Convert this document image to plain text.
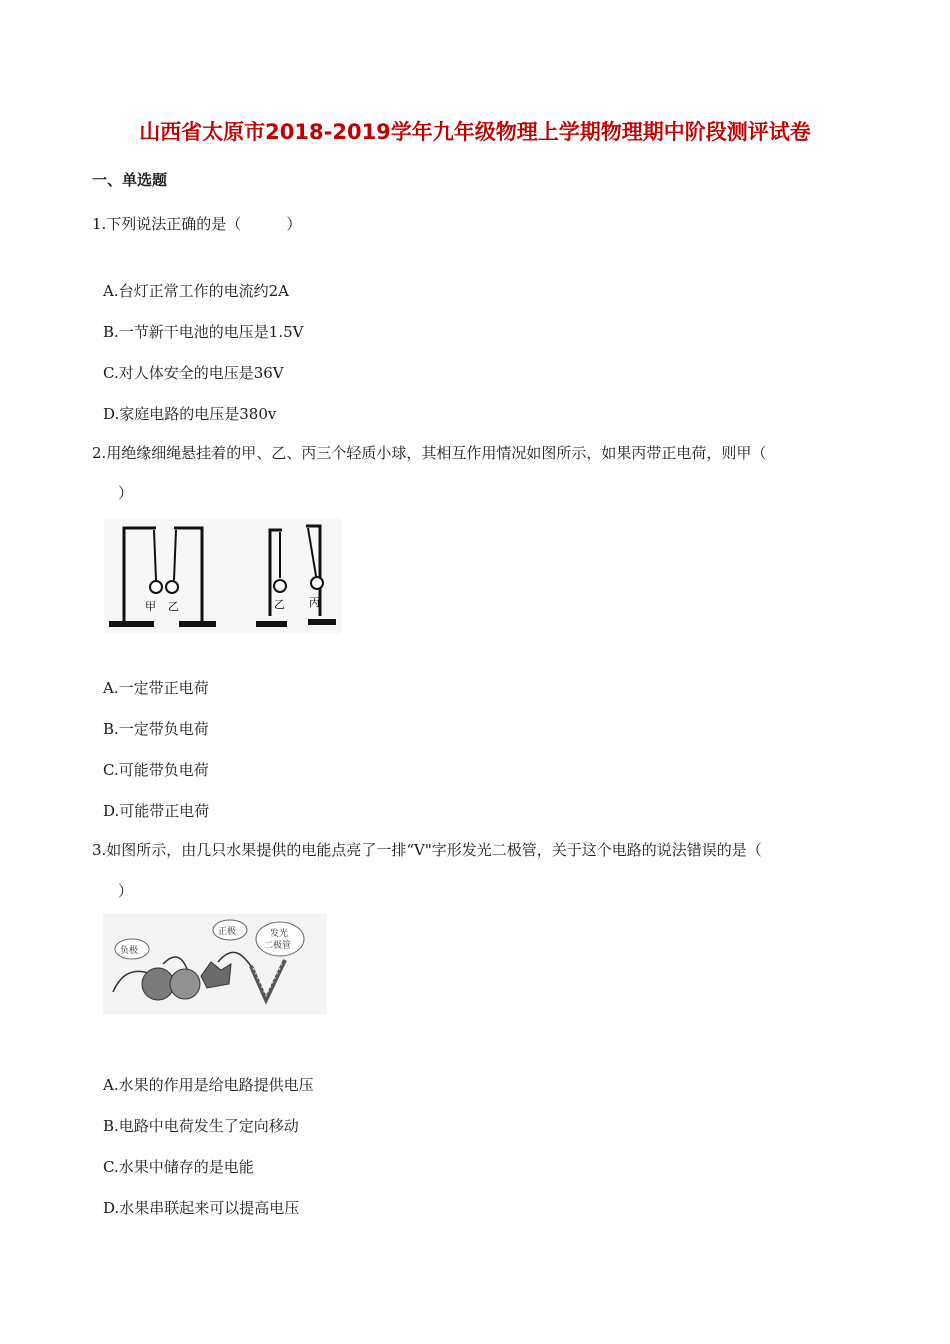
山西省太原市2018-2019学年九年级物理上学期物理期中阶段测评试卷
一、单选题
1.下列说法正确的是（　　　）
A.台灯正常工作的电流约2A
B.一节新干电池的电压是1.5V
C.对人体安全的电压是36V
D.家庭电路的电压是380v
2.用绝缘细绳悬挂着的甲、乙、丙三个轻质小球，其相互作用情况如图所示，如果丙带正电荷，则甲（
）
甲 乙	乙 丙
A.一定带正电荷
B.一定带负电荷
C.可能带负电荷
D.可能带正电荷
3.如图所示，由几只水果提供的电能点亮了一排“V"字形发光二极管，关于这个电路的说法错误的是（
）
负极
正极	发光
二极管
A.水果的作用是给电路提供电压
B.电路中电荷发生了定向移动
C.水果中储存的是电能
D.水果串联起来可以提高电压
